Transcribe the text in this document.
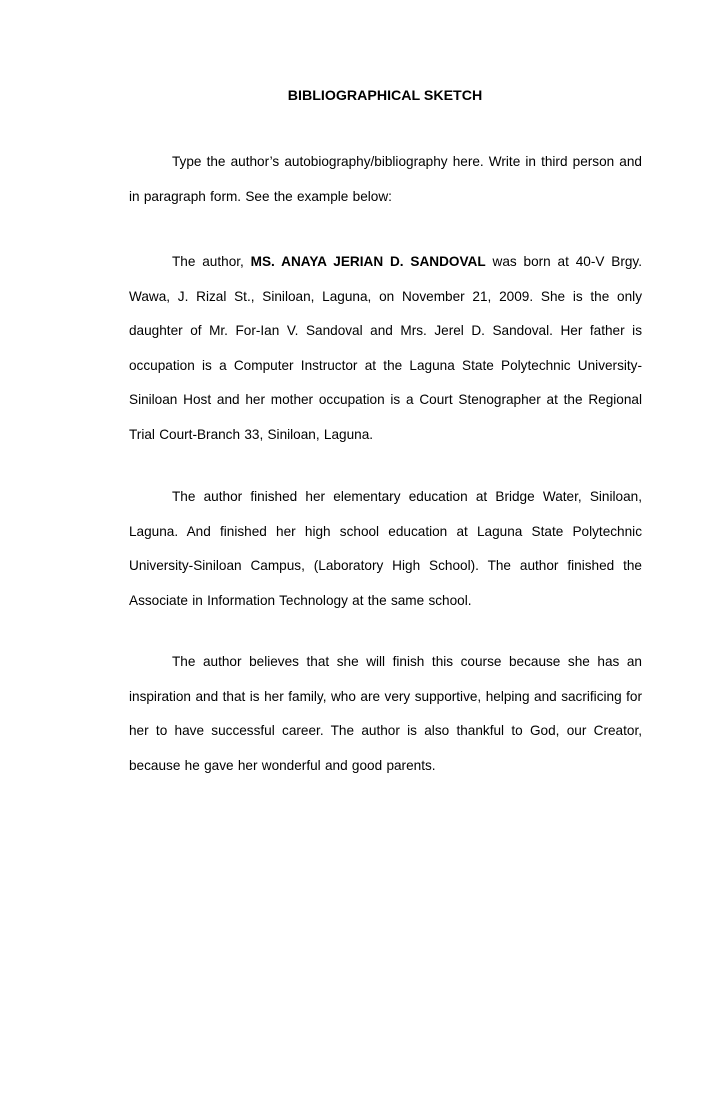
BIBLIOGRAPHICAL SKETCH

Type the author’s autobiography/bibliography here. Write in third person and in paragraph form. See the example below:

The author, MS. ANAYA JERIAN D. SANDOVAL was born at 40-V Brgy. Wawa, J. Rizal St., Siniloan, Laguna, on November 21, 2009. She is the only daughter of Mr. For-Ian V. Sandoval and Mrs. Jerel D. Sandoval. Her father is occupation is a Computer Instructor at the Laguna State Polytechnic University-Siniloan Host and her mother occupation is a Court Stenographer at the Regional Trial Court-Branch 33, Siniloan, Laguna.

The author finished her elementary education at Bridge Water, Siniloan, Laguna. And finished her high school education at Laguna State Polytechnic University-Siniloan Campus, (Laboratory High School). The author finished the Associate in Information Technology at the same school.

The author believes that she will finish this course because she has an inspiration and that is her family, who are very supportive, helping and sacrificing for her to have successful career. The author is also thankful to God, our Creator, because he gave her wonderful and good parents.
